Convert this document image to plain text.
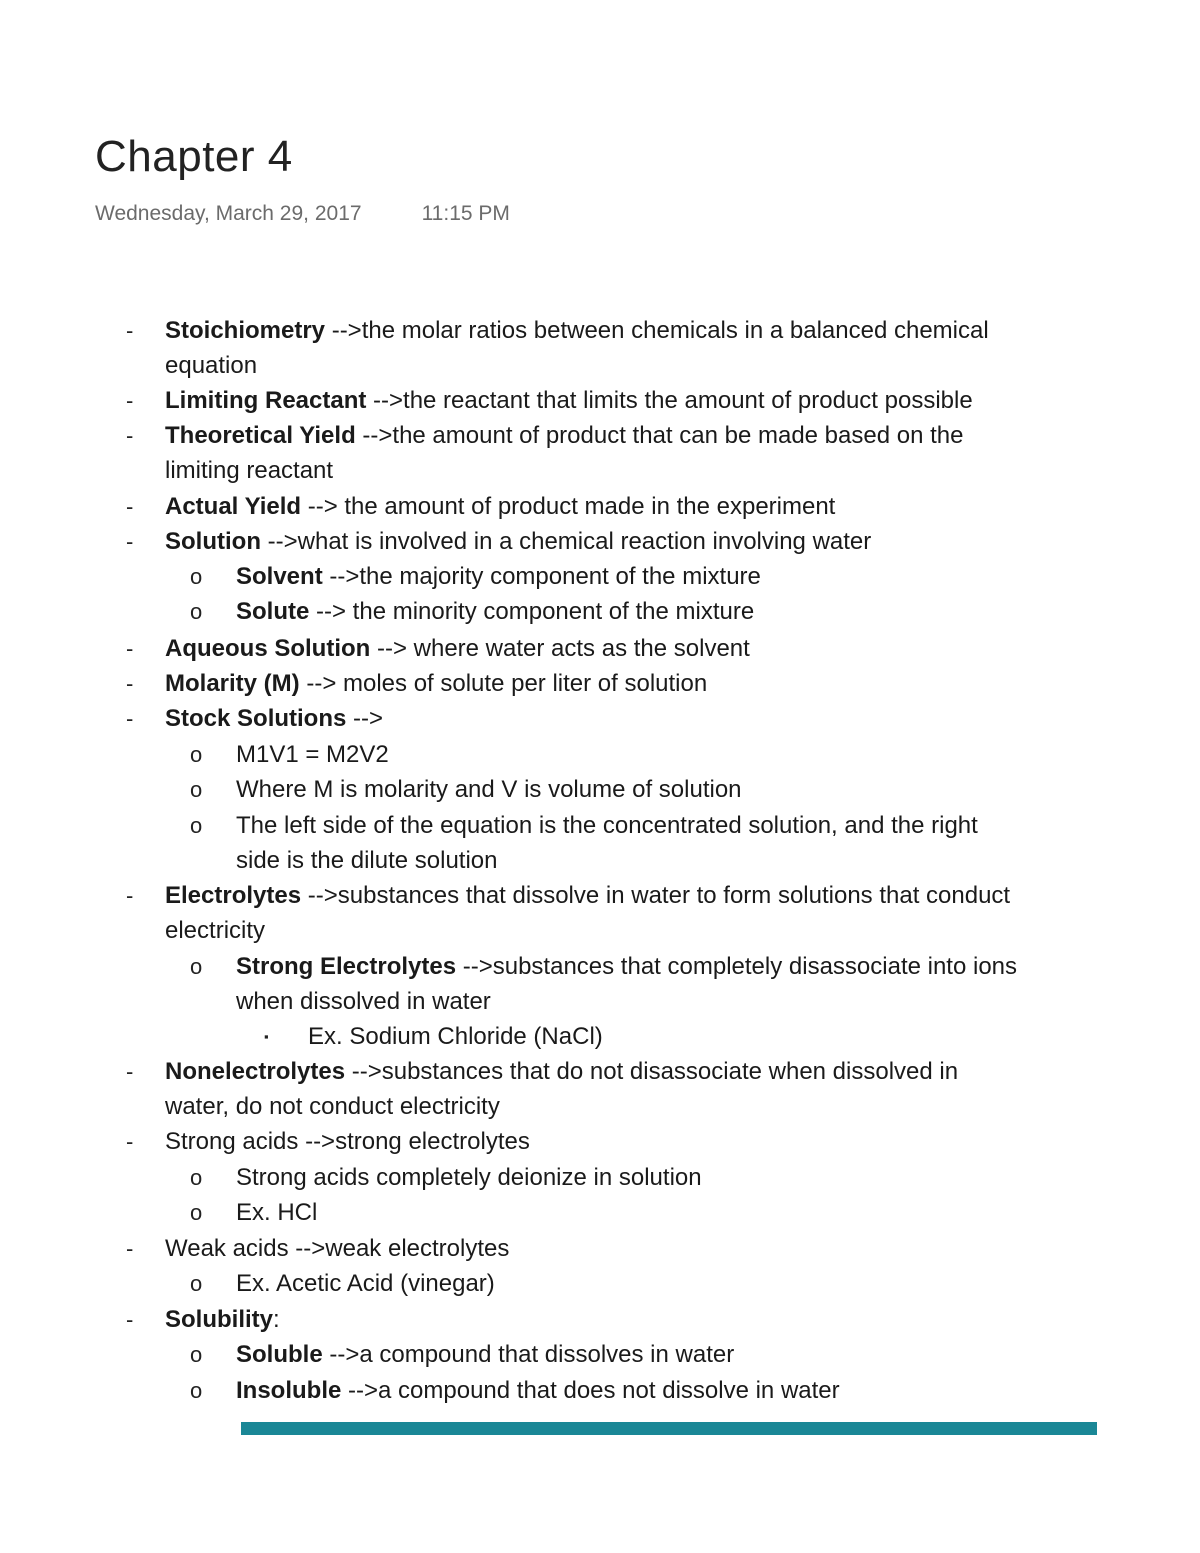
Chapter 4
Wednesday, March 29, 2017	11:15 PM
- Stoichiometry -->the molar ratios between chemicals in a balanced chemical
equation
- Limiting Reactant -->the reactant that limits the amount of product possible
- Theoretical Yield -->the amount of product that can be made based on the
limiting reactant
- Actual Yield --> the amount of product made in the experiment
- Solution -->what is involved in a chemical reaction involving water
o Solvent -->the majority component of the mixture
o Solute --> the minority component of the mixture
- Aqueous Solution --> where water acts as the solvent
- Molarity (M) --> moles of solute per liter of solution
- Stock Solutions -->
o M1V1 = M2V2
o Where M is molarity and V is volume of solution
o The left side of the equation is the concentrated solution, and the right
side is the dilute solution
- Electrolytes -->substances that dissolve in water to form solutions that conduct
electricity
o Strong Electrolytes -->substances that completely disassociate into ions
when dissolved in water
▪ Ex. Sodium Chloride (NaCl)
- Nonelectrolytes -->substances that do not disassociate when dissolved in
water, do not conduct electricity
- Strong acids -->strong electrolytes
o Strong acids completely deionize in solution
o Ex. HCl
- Weak acids -->weak electrolytes
o Ex. Acetic Acid (vinegar)
- Solubility:
o Soluble -->a compound that dissolves in water
o Insoluble -->a compound that does not dissolve in water
